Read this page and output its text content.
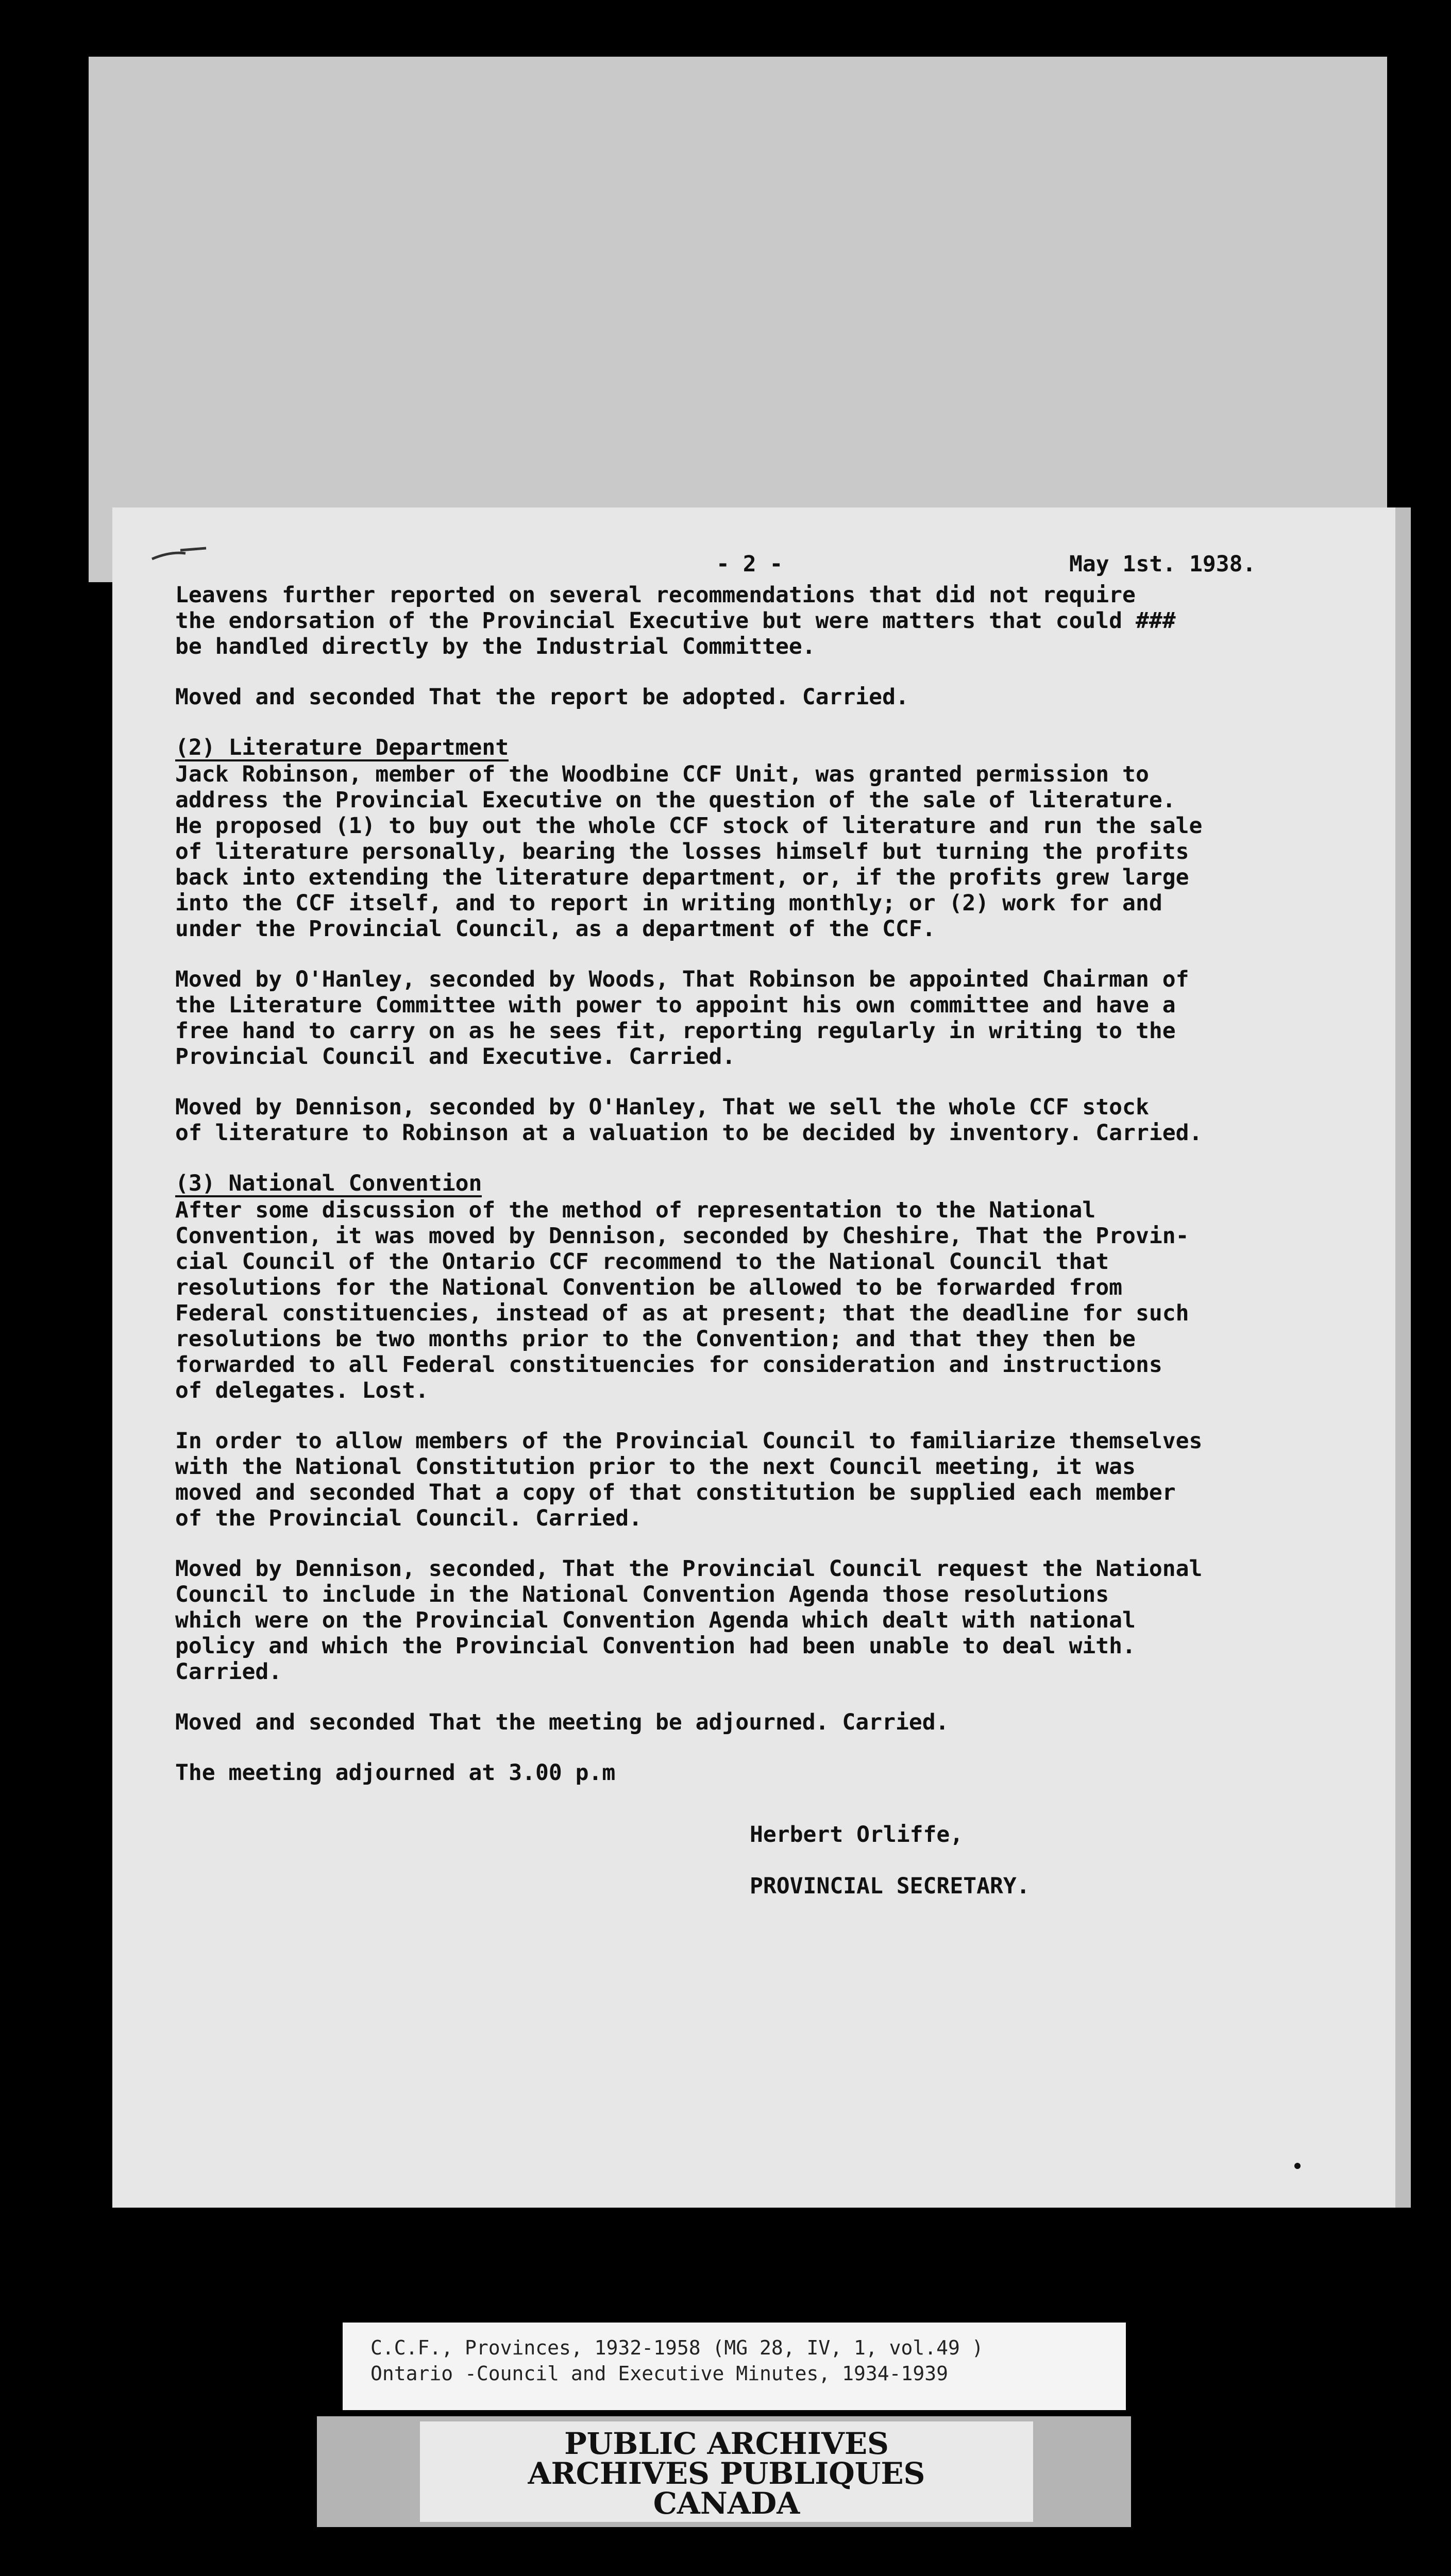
- 2 -	May 1st. 1938.
Leavens further reported on several recommendations that did not require
the endorsation of the Provincial Executive but were matters that could ###
be handled directly by the Industrial Committee.
Moved and seconded That the report be adopted. Carried.
(2) Literature Department
Jack Robinson, member of the Woodbine CCF Unit, was granted permission to
address the Provincial Executive on the question of the sale of literature.
He proposed (1) to buy out the whole CCF stock of literature and run the sale
of literature personally, bearing the losses himself but turning the profits
back into extending the literature department, or, if the profits grew large
into the CCF itself, and to report in writing monthly; or (2) work for and
under the Provincial Council, as a department of the CCF.
Moved by O'Hanley, seconded by Woods, That Robinson be appointed Chairman of
the Literature Committee with power to appoint his own committee and have a
free hand to carry on as he sees fit, reporting regularly in writing to the
Provincial Council and Executive. Carried.
Moved by Dennison, seconded by O'Hanley, That we sell the whole CCF stock
of literature to Robinson at a valuation to be decided by inventory. Carried.
(3) National Convention
After some discussion of the method of representation to the National
Convention, it was moved by Dennison, seconded by Cheshire, That the Provin-
cial Council of the Ontario CCF recommend to the National Council that
resolutions for the National Convention be allowed to be forwarded from
Federal constituencies, instead of as at present; that the deadline for such
resolutions be two months prior to the Convention; and that they then be
forwarded to all Federal constituencies for consideration and instructions
of delegates. Lost.
In order to allow members of the Provincial Council to familiarize themselves
with the National Constitution prior to the next Council meeting, it was
moved and seconded That a copy of that constitution be supplied each member
of the Provincial Council. Carried.
Moved by Dennison, seconded, That the Provincial Council request the National
Council to include in the National Convention Agenda those resolutions
which were on the Provincial Convention Agenda which dealt with national
policy and which the Provincial Convention had been unable to deal with.
Carried.
Moved and seconded That the meeting be adjourned. Carried.
The meeting adjourned at 3.00 p.m

Herbert Orliffe,

PROVINCIAL SECRETARY.

C.C.F., Provinces, 1932-1958 (MG 28, IV, 1, vol.49 )
Ontario -Council and Executive Minutes, 1934-1939
PUBLIC ARCHIVES
ARCHIVES PUBLIQUES
CANADA
